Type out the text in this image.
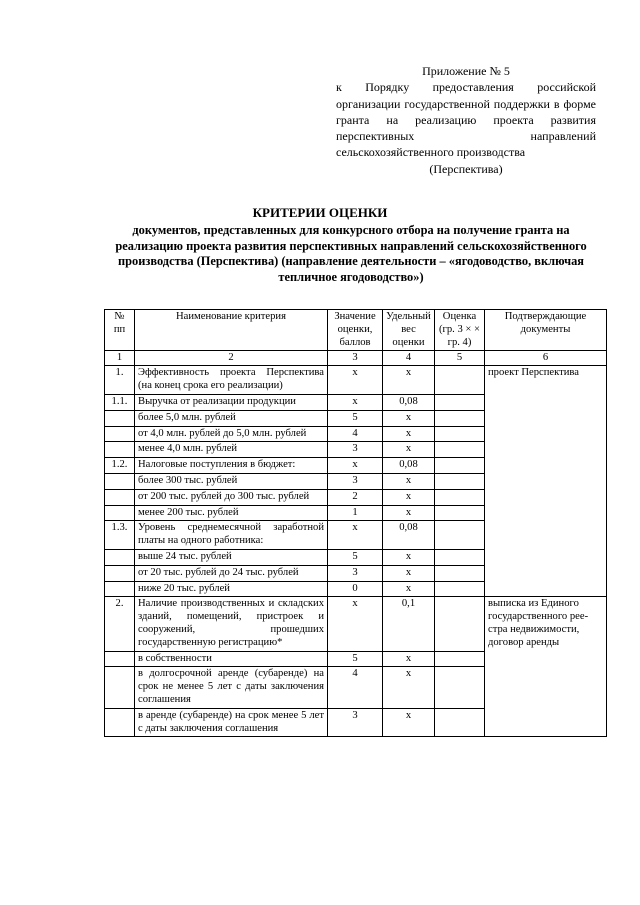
Приложение № 5
к Порядку предоставления российской организации государственной поддержки в форме гранта на реализацию проекта развития перспективных направлений сельскохозяйственного производства
(Перспектива)
КРИТЕРИИ ОЦЕНКИ
документов, представленных для конкурсного отбора на получение гранта на реализацию проекта развития перспективных направлений сельскохозяйственного производства (Перспектива) (направление деятельности – «ягодоводство, включая тепличное ягодоводство»)
№ пп	Наименование критерия	Значение оценки, баллов	Удельный вес оценки	Оценка (гр. 3 × × гр. 4)	Подтверждающие документы
1	2	3	4	5	6
1.	Эффективность проекта Перспектива (на конец срока его реализации)	х	х		проект Перспектива
1.1.	Выручка от реализации продукции	х	0,08		
	более 5,0 млн. рублей	5	х		
	от 4,0 млн. рублей до 5,0 млн. рублей	4	х		
	менее 4,0 млн. рублей	3	х		
1.2.	Налоговые поступления в бюджет:	х	0,08		
	более 300 тыс. рублей	3	х		
	от 200 тыс. рублей до 300 тыс. рублей	2	х		
	менее 200 тыс. рублей	1	х		
1.3.	Уровень среднемесячной заработной платы на одного работника:	х	0,08		
	выше 24 тыс. рублей	5	х		
	от 20 тыс. рублей до 24 тыс. рублей	3	х		
	ниже 20 тыс. рублей	0	х		
2.	Наличие производственных и складских зданий, помещений, пристроек и сооружений, прошедших государственную регистрацию*	х	0,1		выписка из Единого государственного реестра недвижимости, договор аренды
	в собственности	5	х		
	в долгосрочной аренде (субаренде) на срок не менее 5 лет с даты заключения соглашения	4	х		
	в аренде (субаренде) на срок менее 5 лет с даты заключения соглашения	3	х		
